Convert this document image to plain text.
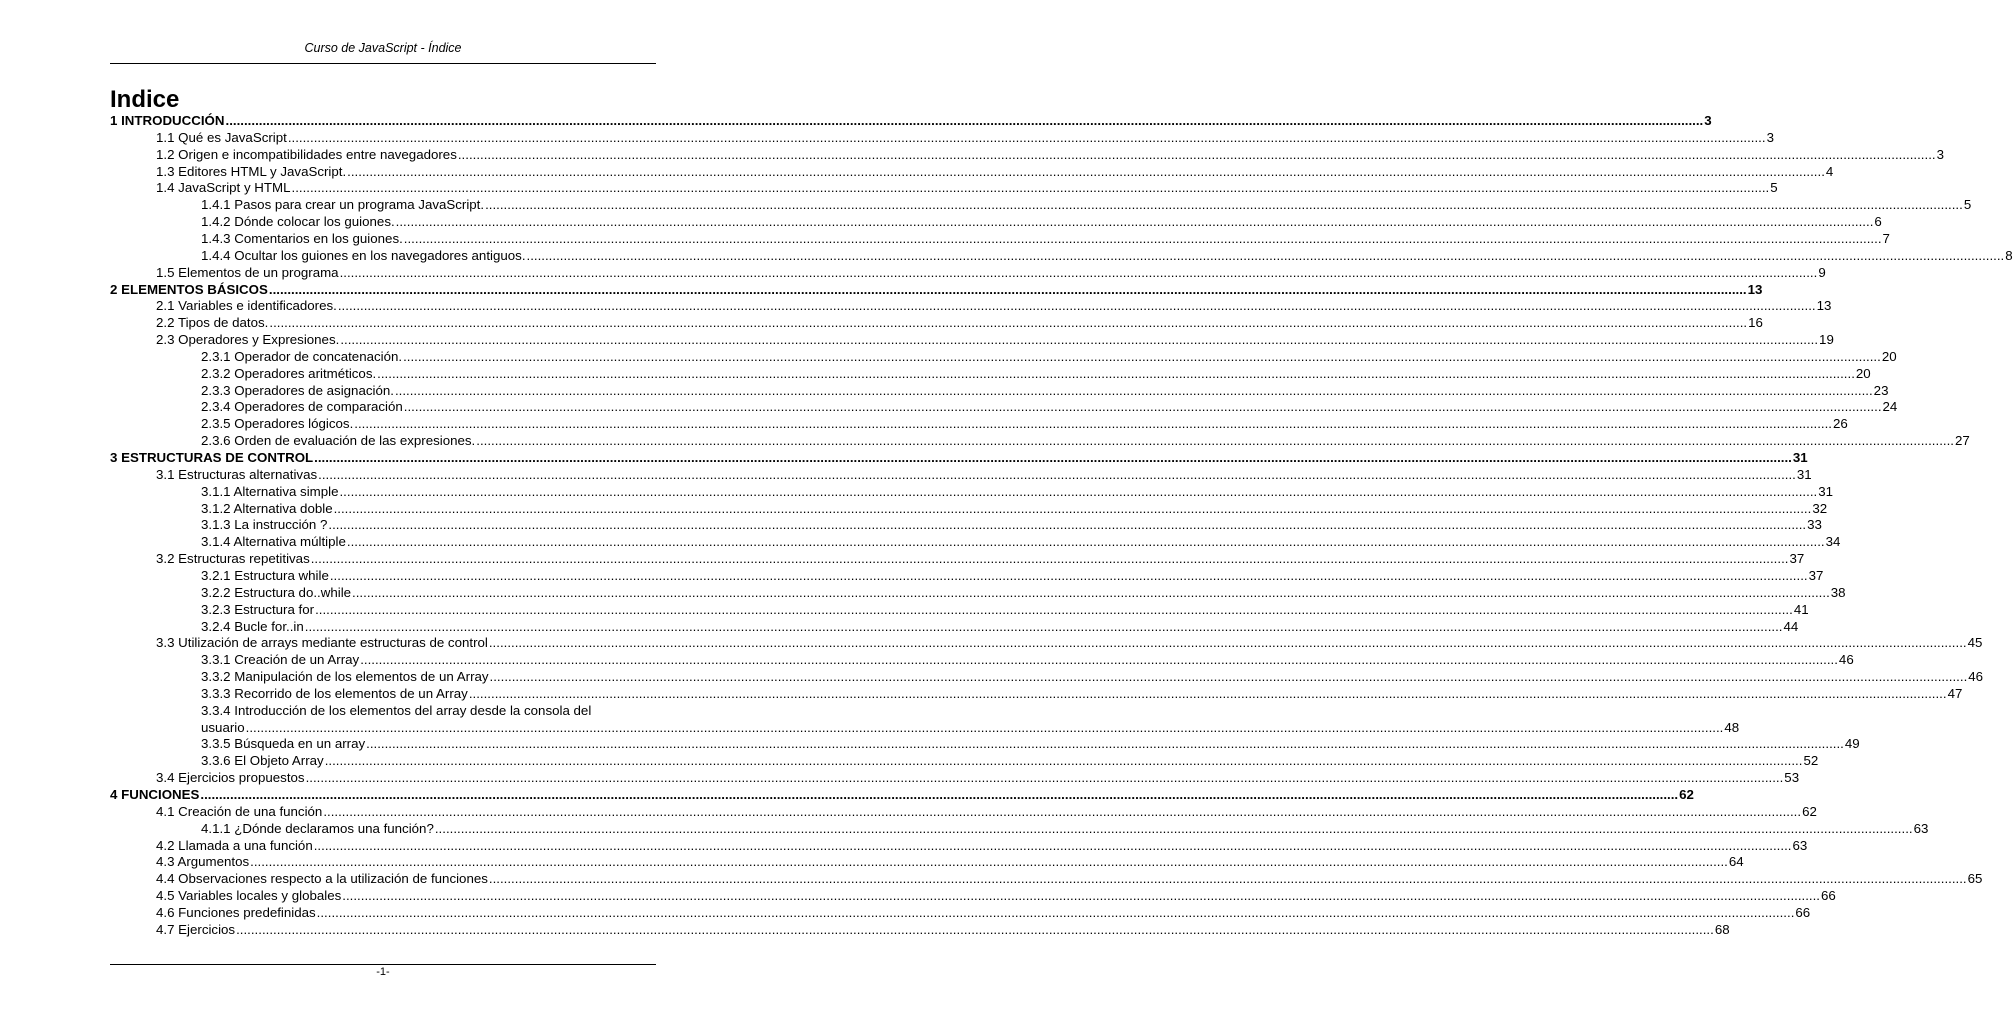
Curso de JavaScript - Índice
Indice
1 INTRODUCCIÓN ................................................................................................................................................................................................................................................................................................................................................................................................................ 3
1.1 Qué es JavaScript ................................................................................................................................................................................................................................................................................................................................................................................................................ 3
1.2 Origen e incompatibilidades entre navegadores ................................................................................................................................................................................................................................................................................................................................................................................................................ 3
1.3 Editores HTML y JavaScript. ................................................................................................................................................................................................................................................................................................................................................................................................................ 4
1.4 JavaScript y HTML ................................................................................................................................................................................................................................................................................................................................................................................................................ 5
1.4.1 Pasos para crear un programa JavaScript. ................................................................................................................................................................................................................................................................................................................................................................................................................ 5
1.4.2 Dónde colocar los guiones. ................................................................................................................................................................................................................................................................................................................................................................................................................ 6
1.4.3 Comentarios en los guiones. ................................................................................................................................................................................................................................................................................................................................................................................................................ 7
1.4.4 Ocultar los guiones en los navegadores antiguos. ................................................................................................................................................................................................................................................................................................................................................................................................................ 8
1.5 Elementos de un programa ................................................................................................................................................................................................................................................................................................................................................................................................................ 9
2 ELEMENTOS BÁSICOS ................................................................................................................................................................................................................................................................................................................................................................................................................ 13
2.1 Variables e identificadores. ................................................................................................................................................................................................................................................................................................................................................................................................................ 13
2.2 Tipos de datos. ................................................................................................................................................................................................................................................................................................................................................................................................................ 16
2.3 Operadores y Expresiones. ................................................................................................................................................................................................................................................................................................................................................................................................................ 19
2.3.1 Operador de concatenación. ................................................................................................................................................................................................................................................................................................................................................................................................................ 20
2.3.2 Operadores aritméticos. ................................................................................................................................................................................................................................................................................................................................................................................................................ 20
2.3.3 Operadores de asignación. ................................................................................................................................................................................................................................................................................................................................................................................................................ 23
2.3.4 Operadores de comparación ................................................................................................................................................................................................................................................................................................................................................................................................................ 24
2.3.5 Operadores lógicos. ................................................................................................................................................................................................................................................................................................................................................................................................................ 26
2.3.6 Orden de evaluación de las expresiones. ................................................................................................................................................................................................................................................................................................................................................................................................................ 27
3 ESTRUCTURAS DE CONTROL ................................................................................................................................................................................................................................................................................................................................................................................................................ 31
3.1 Estructuras alternativas ................................................................................................................................................................................................................................................................................................................................................................................................................ 31
3.1.1 Alternativa simple ................................................................................................................................................................................................................................................................................................................................................................................................................ 31
3.1.2 Alternativa doble ................................................................................................................................................................................................................................................................................................................................................................................................................ 32
3.1.3 La instrucción ? ................................................................................................................................................................................................................................................................................................................................................................................................................ 33
3.1.4 Alternativa múltiple ................................................................................................................................................................................................................................................................................................................................................................................................................ 34
3.2 Estructuras repetitivas ................................................................................................................................................................................................................................................................................................................................................................................................................ 37
3.2.1 Estructura while ................................................................................................................................................................................................................................................................................................................................................................................................................ 37
3.2.2 Estructura do..while ................................................................................................................................................................................................................................................................................................................................................................................................................ 38
3.2.3 Estructura for ................................................................................................................................................................................................................................................................................................................................................................................................................ 41
3.2.4 Bucle for..in ................................................................................................................................................................................................................................................................................................................................................................................................................ 44
3.3 Utilización de arrays mediante estructuras de control ................................................................................................................................................................................................................................................................................................................................................................................................................ 45
3.3.1 Creación de un Array ................................................................................................................................................................................................................................................................................................................................................................................................................ 46
3.3.2 Manipulación de los elementos de un Array ................................................................................................................................................................................................................................................................................................................................................................................................................ 46
3.3.3 Recorrido de los elementos de un Array ................................................................................................................................................................................................................................................................................................................................................................................................................ 47
3.3.4 Introducción de los elementos del array desde la consola del
usuario ................................................................................................................................................................................................................................................................................................................................................................................................................ 48
3.3.5 Búsqueda en un array ................................................................................................................................................................................................................................................................................................................................................................................................................ 49
3.3.6 El Objeto Array ................................................................................................................................................................................................................................................................................................................................................................................................................ 52
3.4 Ejercicios propuestos ................................................................................................................................................................................................................................................................................................................................................................................................................ 53
4 FUNCIONES ................................................................................................................................................................................................................................................................................................................................................................................................................ 62
4.1 Creación de una función ................................................................................................................................................................................................................................................................................................................................................................................................................ 62
4.1.1 ¿Dónde declaramos una función? ................................................................................................................................................................................................................................................................................................................................................................................................................ 63
4.2 Llamada a una función ................................................................................................................................................................................................................................................................................................................................................................................................................ 63
4.3 Argumentos ................................................................................................................................................................................................................................................................................................................................................................................................................ 64
4.4 Observaciones respecto a la utilización de funciones ................................................................................................................................................................................................................................................................................................................................................................................................................ 65
4.5 Variables locales y globales ................................................................................................................................................................................................................................................................................................................................................................................................................ 66
4.6 Funciones predefinidas ................................................................................................................................................................................................................................................................................................................................................................................................................ 66
4.7 Ejercicios ................................................................................................................................................................................................................................................................................................................................................................................................................ 68
-1-
